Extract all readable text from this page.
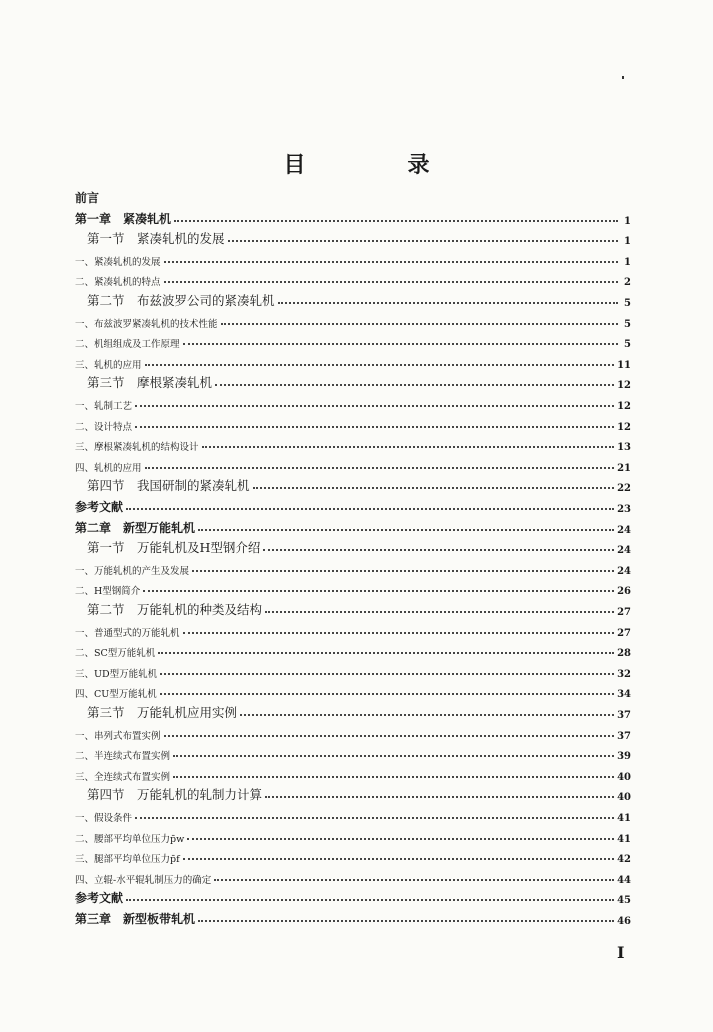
目　录
前言
第一章　紧凑轧机	1
第一节　紧凑轧机的发展	1
一、紧凑轧机的发展	1
二、紧凑轧机的特点	2
第二节　布兹波罗公司的紧凑轧机	5
一、布兹波罗紧凑轧机的技术性能	5
二、机组组成及工作原理	5
三、轧机的应用	11
第三节　摩根紧凑轧机	12
一、轧制工艺	12
二、设计特点	12
三、摩根紧凑轧机的结构设计	13
四、轧机的应用	21
第四节　我国研制的紧凑轧机	22
参考文献	23
第二章　新型万能轧机	24
第一节　万能轧机及H型钢介绍	24
一、万能轧机的产生及发展	24
二、H型钢简介	26
第二节　万能轧机的种类及结构	27
一、普通型式的万能轧机	27
二、SC型万能轧机	28
三、UD型万能轧机	32
四、CU型万能轧机	34
第三节　万能轧机应用实例	37
一、串列式布置实例	37
二、半连续式布置实例	39
三、全连续式布置实例	40
第四节　万能轧机的轧制力计算	40
一、假设条件	41
二、腰部平均单位压力p̄w	41
三、腿部平均单位压力p̄f	42
四、立辊-水平辊轧制压力的确定	44
参考文献	45
第三章　新型板带轧机	46
I
